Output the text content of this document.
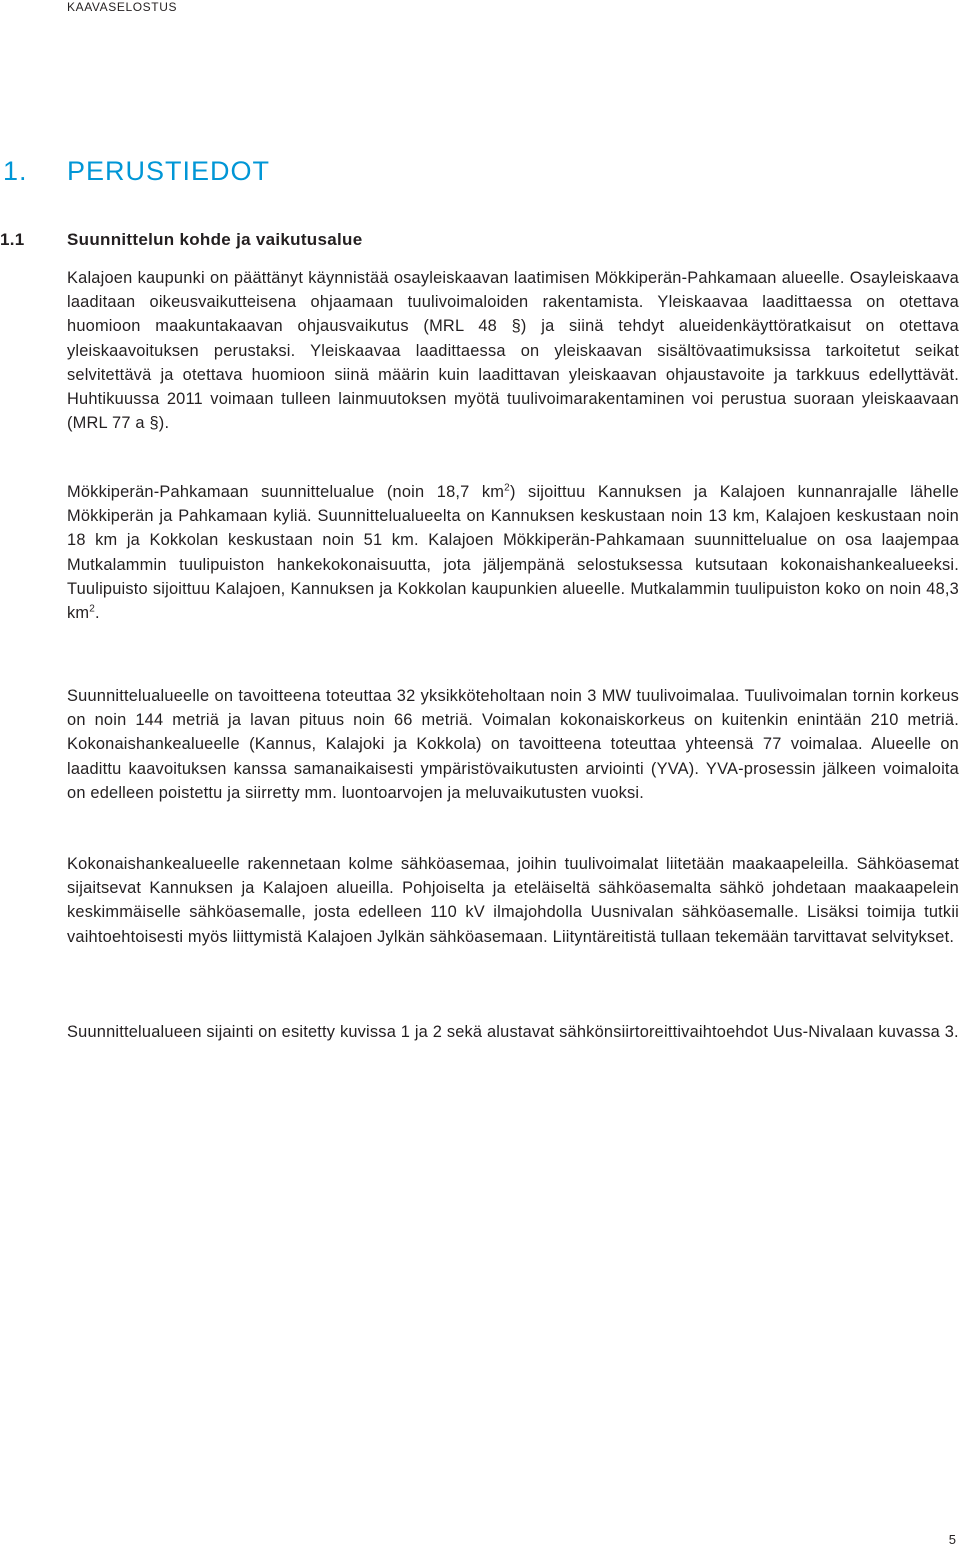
KAAVASELOSTUS
1. PERUSTIEDOT
1.1 Suunnittelun kohde ja vaikutusalue

Kalajoen kaupunki on päättänyt käynnistää osayleiskaavan laatimisen Mökkiperän-Pahkamaan alueelle. Osayleiskaava laaditaan oikeusvaikutteisena ohjaamaan tuulivoimaloiden rakentamista. Yleiskaavaa laadittaessa on otettava huomioon maakuntakaavan ohjausvaikutus (MRL 48 §) ja siinä tehdyt alueidenkäyttöratkaisut on otettava yleiskaavoituksen perustaksi. Yleiskaavaa laadittaessa on yleiskaavan sisältövaatimuksissa tarkoitetut seikat selvitettävä ja otettava huomioon siinä määrin kuin laadittavan yleiskaavan ohjaustavoite ja tarkkuus edellyttävät. Huhtikuussa 2011 voimaan tulleen lainmuutoksen myötä tuulivoimarakentaminen voi perustua suoraan yleiskaavaan (MRL 77 a §).

Mökkiperän-Pahkamaan suunnittelualue (noin 18,7 $km^2$) sijoittuu Kannuksen ja Kalajoen kunnanrajalle lähelle Mökkiperän ja Pahkamaan kyliä. Suunnittelualueelta on Kannuksen keskustaan noin 13 km, Kalajoen keskustaan noin 18 km ja Kokkolan keskustaan noin 51 km. Kalajoen Mökkiperän-Pahkamaan suunnittelualue on osa laajempaa Mutkalammin tuulipuiston hankekokonaisuutta, jota jäljempänä selostuksessa kutsutaan kokonaishankealueeksi. Tuulipuisto sijoittuu Kalajoen, Kannuksen ja Kokkolan kaupunkien alueelle. Mutkalammin tuulipuiston koko on noin 48,3 $km^2$.

Suunnittelualueelle on tavoitteena toteuttaa 32 yksikköteholtaan noin 3 MW tuulivoimalaa. Tuulivoimalan tornin korkeus on noin 144 metriä ja lavan pituus noin 66 metriä. Voimalan kokonaiskorkeus on kuitenkin enintään 210 metriä. Kokonaishankealueelle (Kannus, Kalajoki ja Kokkola) on tavoitteena toteuttaa yhteensä 77 voimalaa. Alueelle on laadittu kaavoituksen kanssa samanaikaisesti ympäristövaikutusten arviointi (YVA). YVA-prosessin jälkeen voimaloita on edelleen poistettu ja siirretty mm. luontoarvojen ja meluvaikutusten vuoksi.

Kokonaishankealueelle rakennetaan kolme sähköasemaa, joihin tuulivoimalat liitetään maakaapeleilla. Sähköasemat sijaitsevat Kannuksen ja Kalajoen alueilla. Pohjoiselta ja eteläiseltä sähköasemalta sähkö johdetaan maakaapelein keskimmäiselle sähköasemalle, josta edelleen 110 kV ilmajohdolla Uusnivalan sähköasemalle. Lisäksi toimija tutkii vaihtoehtoisesti myös liittymistä Kalajoen Jylkän sähköasemaan. Liityntäreitistä tullaan tekemään tarvittavat selvitykset.

Suunnittelualueen sijainti on esitetty kuvissa 1 ja 2 sekä alustavat sähkönsiirtoreittivaihtoehdot Uus-Nivalaan kuvassa 3.

5
